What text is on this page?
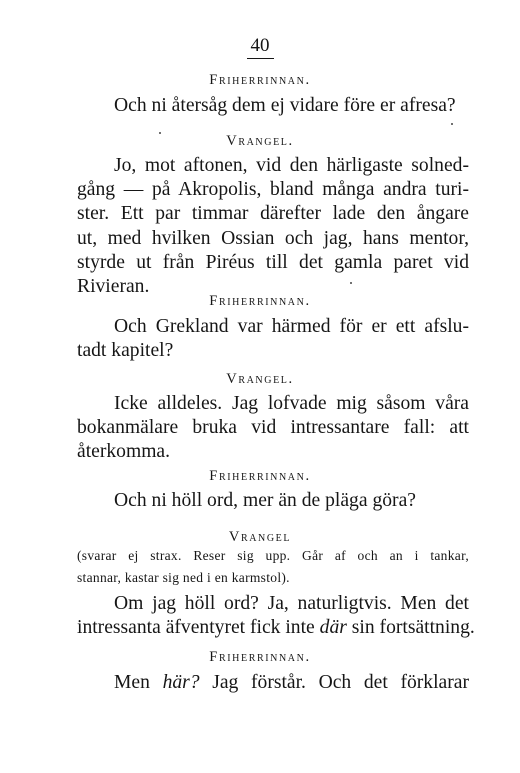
40
Friherrinnan.
Och ni återsåg dem ej vidare före er afresa?
Vrangel.
Jo, mot aftonen, vid den härligaste solned-
gång — på Akropolis, bland många andra turi-
ster. Ett par timmar därefter lade den ångare
ut, med hvilken Ossian och jag, hans mentor,
styrde ut från Piréus till det gamla paret vid
Rivieran.
Friherrinnan.
Och Grekland var härmed för er ett afslu-
tadt kapitel?
Vrangel.
Icke alldeles. Jag lofvade mig såsom våra
bokanmälare bruka vid intressantare fall: att
återkomma.
Friherrinnan.
Och ni höll ord, mer än de pläga göra?
Vrangel
(svarar ej strax. Reser sig upp. Går af och an i tankar,
stannar, kastar sig ned i en karmstol).
Om jag höll ord? Ja, naturligtvis. Men det
intressanta äfventyret fick inte där sin fortsättning.
Friherrinnan.
Men här? Jag förstår. Och det förklarar
